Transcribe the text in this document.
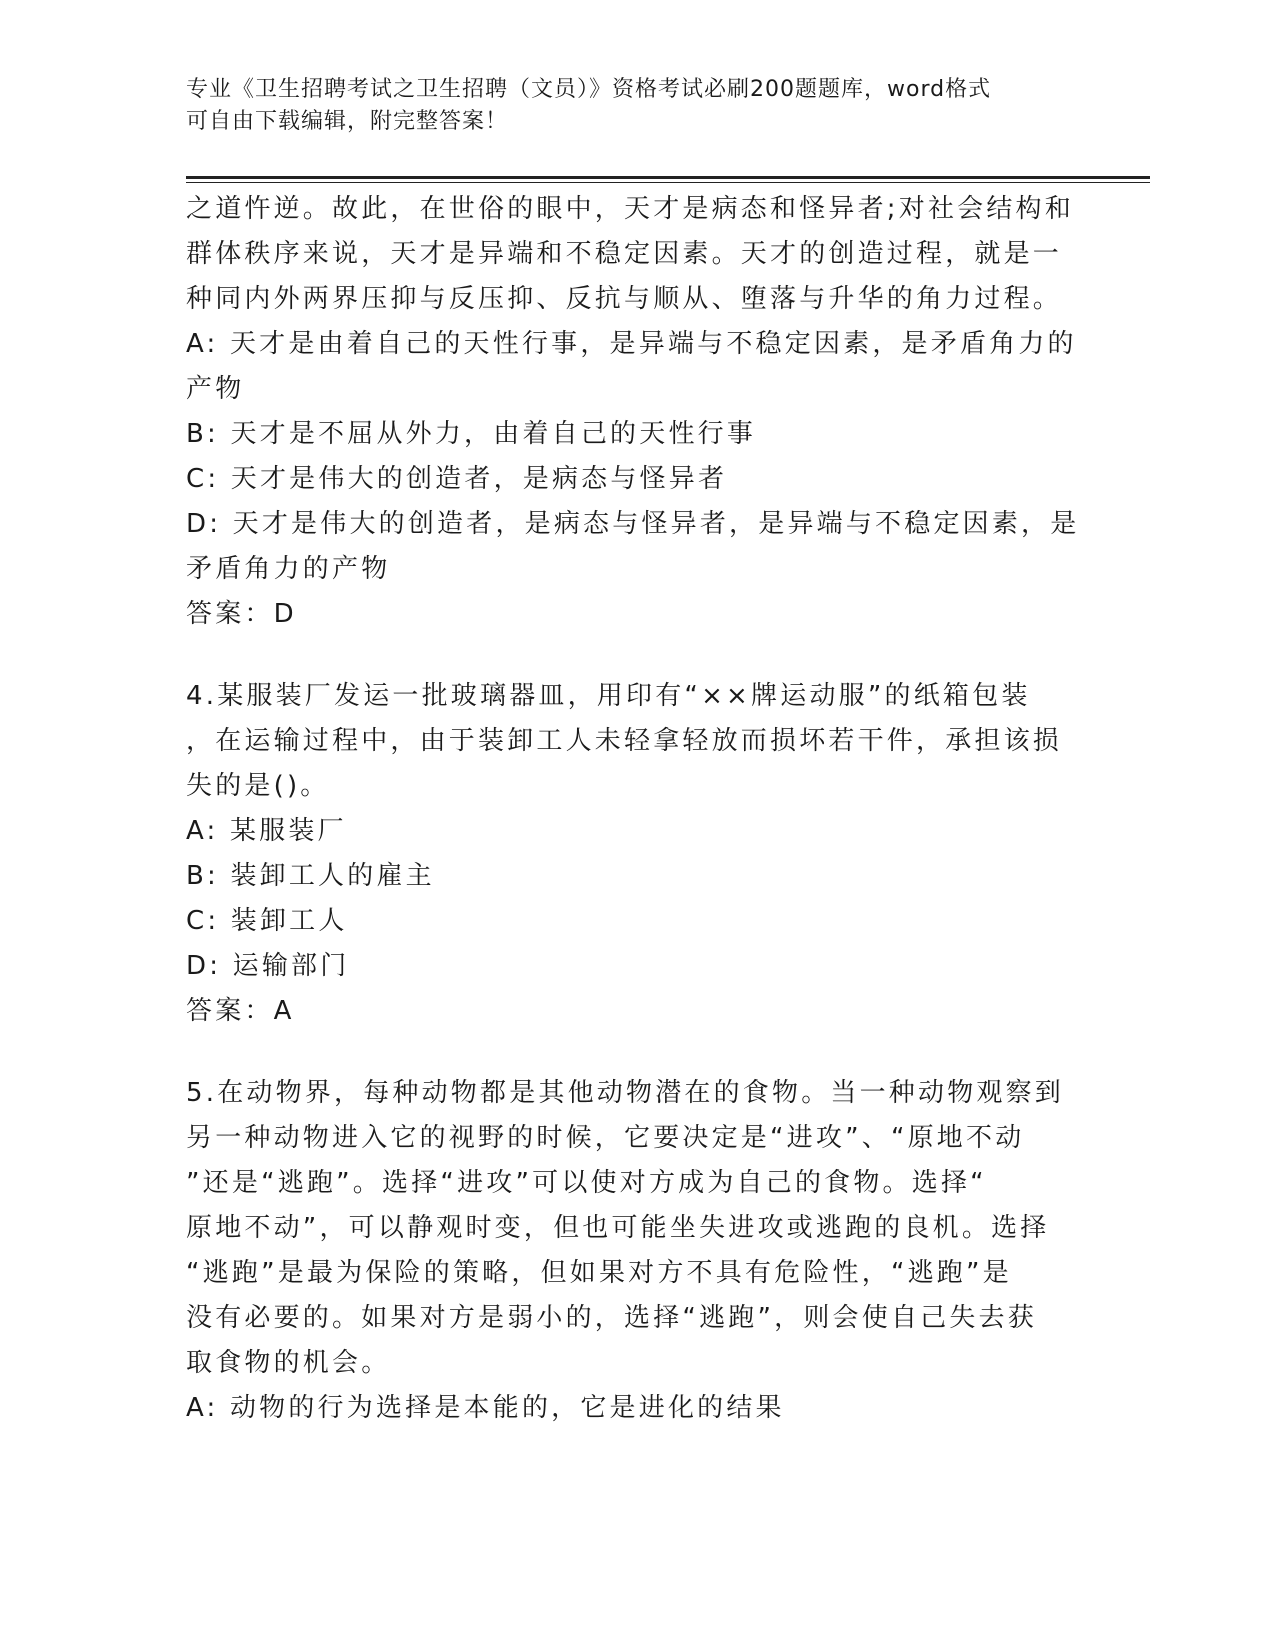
专业《卫生招聘考试之卫生招聘（文员）》资格考试必刷200题题库，word格式
可自由下载编辑，附完整答案！
之道忤逆。故此，在世俗的眼中，天才是病态和怪异者;对社会结构和
群体秩序来说，天才是异端和不稳定因素。天才的创造过程，就是一
种同内外两界压抑与反压抑、反抗与顺从、堕落与升华的角力过程。
A: 天才是由着自己的天性行事，是异端与不稳定因素，是矛盾角力的
产物
B: 天才是不屈从外力，由着自己的天性行事
C: 天才是伟大的创造者，是病态与怪异者
D: 天才是伟大的创造者，是病态与怪异者，是异端与不稳定因素，是
矛盾角力的产物
答案：D
4.某服装厂发运一批玻璃器皿，用印有“××牌运动服”的纸箱包装
，在运输过程中，由于装卸工人未轻拿轻放而损坏若干件，承担该损
失的是()。
A: 某服装厂
B: 装卸工人的雇主
C: 装卸工人
D: 运输部门
答案：A
5.在动物界，每种动物都是其他动物潜在的食物。当一种动物观察到
另一种动物进入它的视野的时候，它要决定是“进攻”、“原地不动
”还是“逃跑”。选择“进攻”可以使对方成为自己的食物。选择“
原地不动”，可以静观时变，但也可能坐失进攻或逃跑的良机。选择
“逃跑”是最为保险的策略，但如果对方不具有危险性，“逃跑”是
没有必要的。如果对方是弱小的，选择“逃跑”，则会使自己失去获
取食物的机会。
A: 动物的行为选择是本能的，它是进化的结果
